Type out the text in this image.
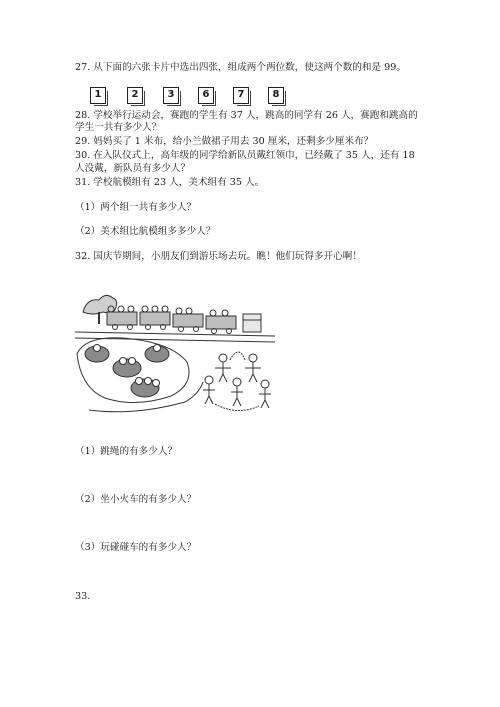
27. 从下面的六张卡片中选出四张，组成两个两位数，使这两个数的和是 99。
1	2	3	6	7	8
28. 学校举行运动会，赛跑的学生有 37 人，跳高的同学有 26 人，赛跑和跳高的
学生一共有多少人？
29. 妈妈买了 1 米布，给小兰做裙子用去 30 厘米，还剩多少厘米布？
30. 在入队仪式上，高年级的同学给新队员戴红领巾，已经戴了 35 人，还有 18
人没戴，新队员有多少人？
31. 学校航模组有 23 人，美术组有 35 人。
（1）两个组一共有多少人？
（2）美术组比航模组多多少人？
32. 国庆节期间，小朋友们到游乐场去玩。瞧！他们玩得多开心啊！
（1）跳绳的有多少人？
（2）坐小火车的有多少人？
（3）玩碰碰车的有多少人？
33.
